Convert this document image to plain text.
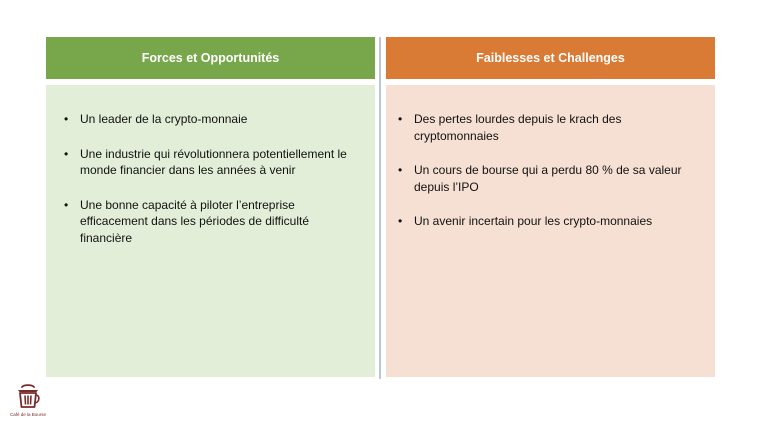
Forces et Opportunités
• Un leader de la crypto-monnaie
• Une industrie qui révolutionnera potentiellement le monde financier dans les années à venir
• Une bonne capacité à piloter l’entreprise efficacement dans les périodes de difficulté financière
Faiblesses et Challenges
• Des pertes lourdes depuis le krach des cryptomonnaies
• Un cours de bourse qui a perdu 80 % de sa valeur depuis l’IPO
• Un avenir incertain pour les crypto-monnaies
Café de la Bourse
